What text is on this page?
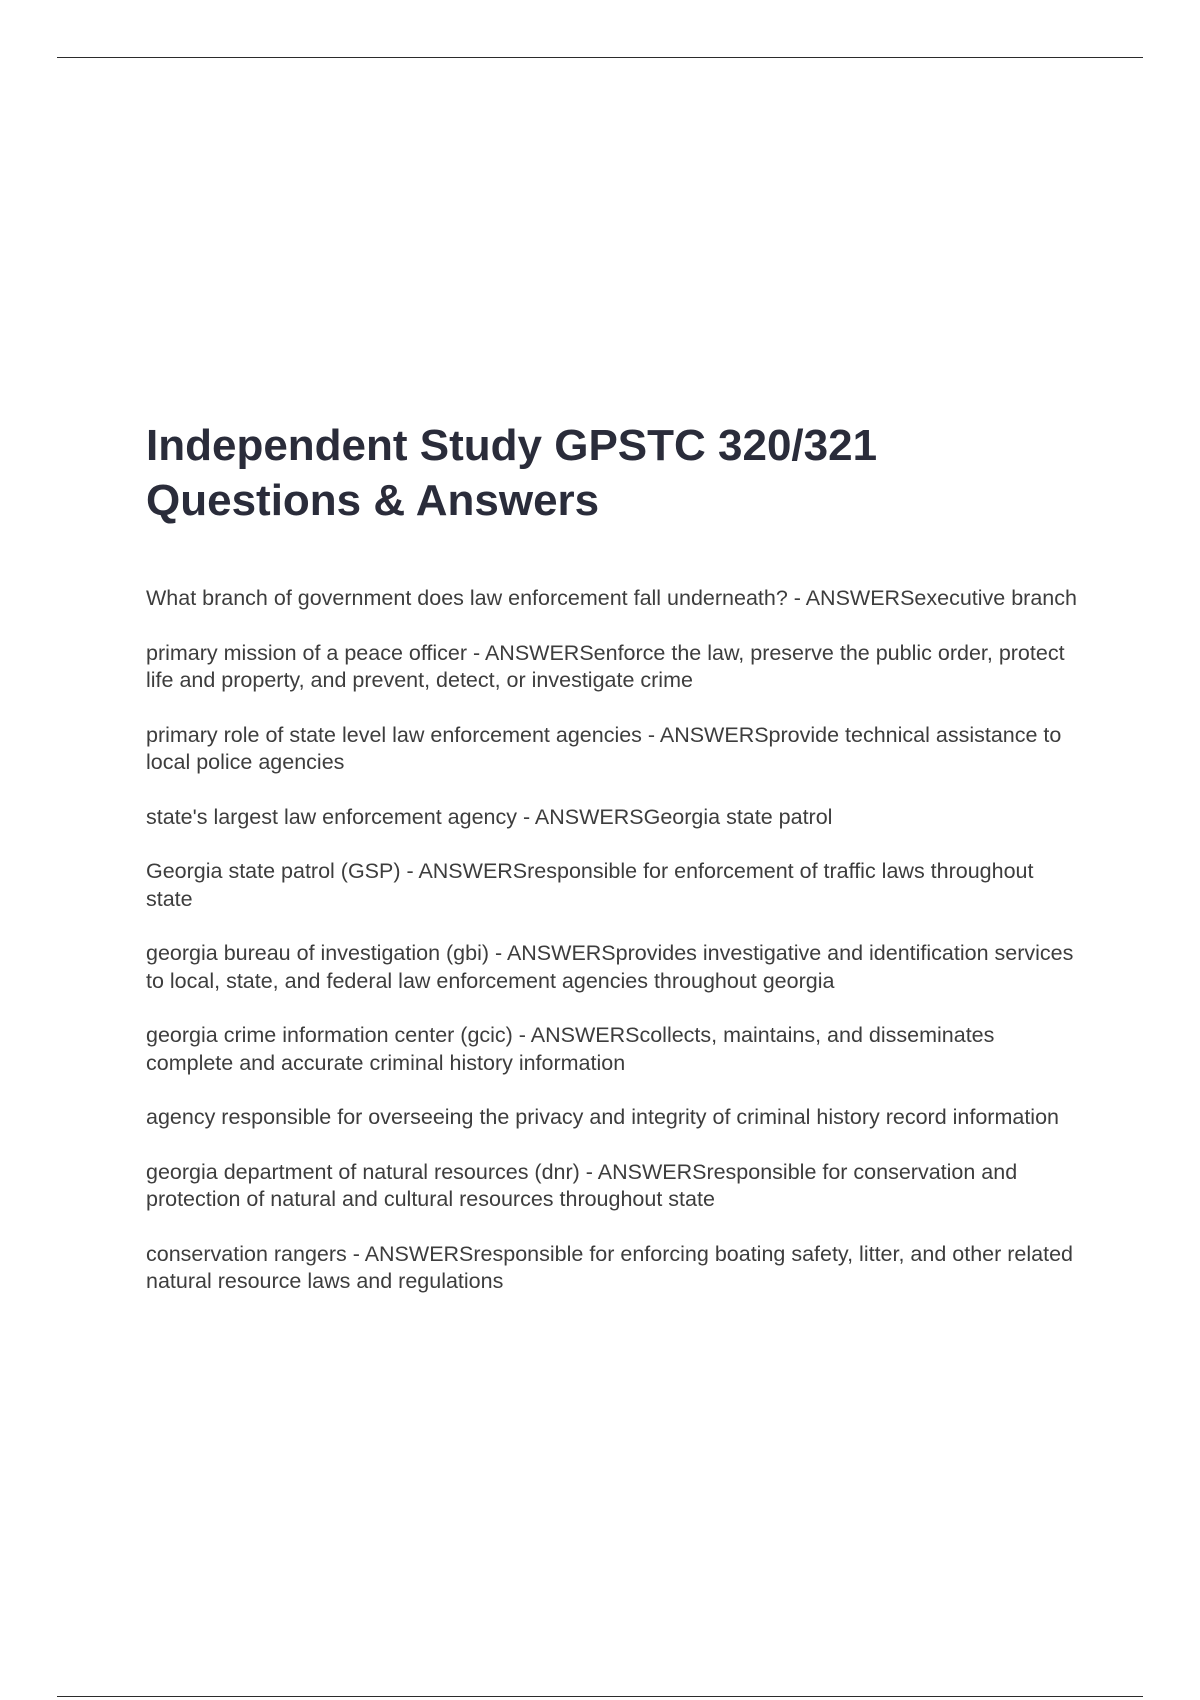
Independent Study GPSTC 320/321
Questions & Answers
What branch of government does law enforcement fall underneath? - ANSWERSexecutive branch
primary mission of a peace officer - ANSWERSenforce the law, preserve the public order, protect life and property, and prevent, detect, or investigate crime
primary role of state level law enforcement agencies - ANSWERSprovide technical assistance to local police agencies
state's largest law enforcement agency - ANSWERSGeorgia state patrol
Georgia state patrol (GSP) - ANSWERSresponsible for enforcement of traffic laws throughout state
georgia bureau of investigation (gbi) - ANSWERSprovides investigative and identification services to local, state, and federal law enforcement agencies throughout georgia
georgia crime information center (gcic) - ANSWERScollects, maintains, and disseminates complete and accurate criminal history information
agency responsible for overseeing the privacy and integrity of criminal history record information
georgia department of natural resources (dnr) - ANSWERSresponsible for conservation and protection of natural and cultural resources throughout state
conservation rangers - ANSWERSresponsible for enforcing boating safety, litter, and other related natural resource laws and regulations
